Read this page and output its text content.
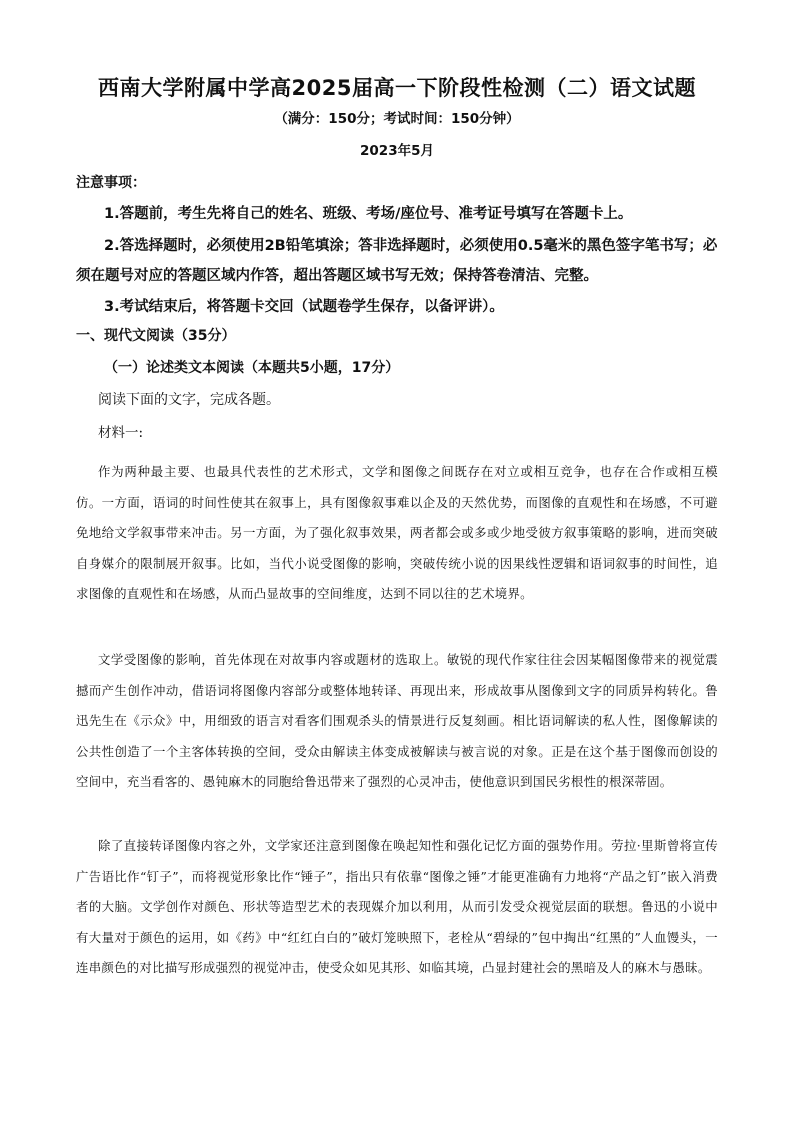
西南大学附属中学高2025届高一下阶段性检测（二）语文试题
（满分：150分；考试时间：150分钟）
2023年5月
注意事项：
1.答题前，考生先将自己的姓名、班级、考场/座位号、准考证号填写在答题卡上。
2.答选择题时，必须使用2B铅笔填涂；答非选择题时，必须使用0.5毫米的黑色签字笔书写；必须在题号对应的答题区域内作答，超出答题区域书写无效；保持答卷清洁、完整。
3.考试结束后，将答题卡交回（试题卷学生保存，以备评讲）。
一、现代文阅读（35分）
（一）论述类文本阅读（本题共5小题，17分）
阅读下面的文字，完成各题。
材料一:

作为两种最主要、也最具代表性的艺术形式，文学和图像之间既存在对立或相互竞争，也存在合作或相互模仿。一方面，语词的时间性使其在叙事上，具有图像叙事难以企及的天然优势，而图像的直观性和在场感，不可避免地给文学叙事带来冲击。另一方面，为了强化叙事效果，两者都会或多或少地受彼方叙事策略的影响，进而突破自身媒介的限制展开叙事。比如，当代小说受图像的影响，突破传统小说的因果线性逻辑和语词叙事的时间性，追求图像的直观性和在场感，从而凸显故事的空间维度，达到不同以往的艺术境界。

文学受图像的影响，首先体现在对故事内容或题材的选取上。敏锐的现代作家往往会因某幅图像带来的视觉震撼而产生创作冲动，借语词将图像内容部分或整体地转译、再现出来，形成故事从图像到文字的同质异构转化。鲁迅先生在《示众》中，用细致的语言对看客们围观杀头的情景进行反复刻画。相比语词解读的私人性，图像解读的公共性创造了一个主客体转换的空间，受众由解读主体变成被解读与被言说的对象。正是在这个基于图像而创设的空间中，充当看客的、愚钝麻木的同胞给鲁迅带来了强烈的心灵冲击，使他意识到国民劣根性的根深蒂固。

除了直接转译图像内容之外，文学家还注意到图像在唤起知性和强化记忆方面的强势作用。劳拉·里斯曾将宣传广告语比作“钉子”，而将视觉形象比作“锤子”，指出只有依靠“图像之锤”才能更准确有力地将“产品之钉”嵌入消费者的大脑。文学创作对颜色、形状等造型艺术的表现媒介加以利用，从而引发受众视觉层面的联想。鲁迅的小说中有大量对于颜色的运用，如《药》中“红红白白的”破灯笼映照下，老栓从“碧绿的”包中掏出“红黑的”人血馒头，一连串颜色的对比描写形成强烈的视觉冲击，使受众如见其形、如临其境，凸显封建社会的黑暗及人的麻木与愚昧。
